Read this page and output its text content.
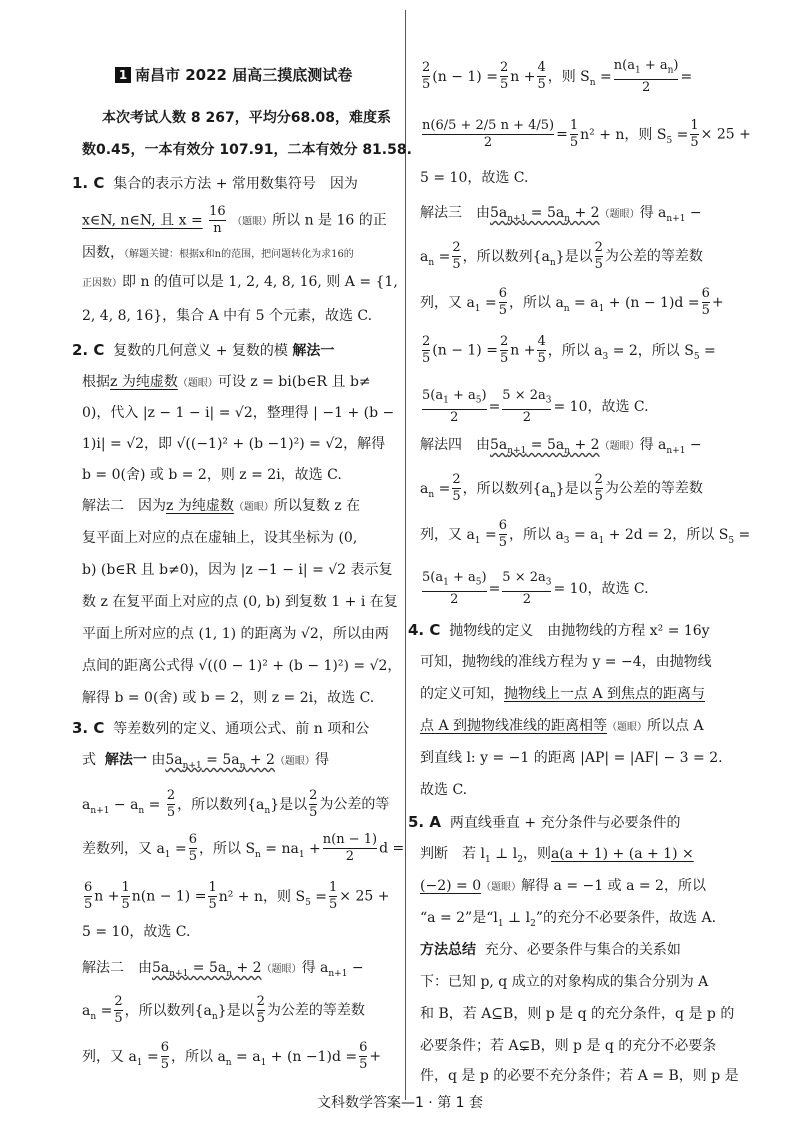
1 南昌市 2022 届高三摸底测试卷
本次考试人数 8 267，平均分68.08，难度系
数0.45，一本有效分 107.91，二本有效分 81.58.
1. C 集合的表示方法 + 常用数集符号　因为
x∈N, n∈N, 且 $x = \frac{16}{n}$ （题眼）所以 n 是 16 的正
因数，（解题关键：根据x和n的范围，把问题转化为求16的
正因数）即 n 的值可以是 1, 2, 4, 8, 16, 则 A = {1,
2, 4, 8, 16}，集合 A 中有 5 个元素，故选 C.
2. C 复数的几何意义 + 复数的模 解法一
根据z 为纯虚数（题眼）可设 z = bi(b∈R 且 b≠
0)，代入 |z − 1 − i| = √2，整理得 | −1 + (b −
1)i| = √2，即 √((−1)² + (b −1)²) = √2，解得
b = 0(舍) 或 b = 2，则 z = 2i，故选 C.
解法二　因为z 为纯虚数（题眼）所以复数 z 在
复平面上对应的点在虚轴上，设其坐标为 (0,
b) (b∈R 且 b≠0)，因为 |z −1 − i| = √2 表示复
数 z 在复平面上对应的点 (0, b) 到复数 1 + i 在复
平面上所对应的点 (1, 1) 的距离为 √2，所以由两
点间的距离公式得 √((0 − 1)² + (b − 1)²) = √2，
解得 b = 0(舍) 或 b = 2，则 z = 2i，故选 C.
3. C 等差数列的定义、通项公式、前 n 项和公
式 解法一 由$5a_{n+1} = 5a_n + 2$（题眼）得
$a_{n+1} - a_n = \frac{2}{5}$ ，所以数列$\{a_n\}$是以 $\frac{2}{5}$ 为公差的等
差数列，又 $a_1 = \frac{6}{5}$ ，所以 $S_n = na_1 + \frac{n(n - 1)}{2}$ d =
$\frac{6}{5}$ $n + \frac{1}{5} n(n - 1) = \frac{1}{5} n^2 + n$，则 $S_5 = \frac{1}{5} \times 25$ +
5 = 10，故选 C.
解法二　由$5a_{n+1} = 5a_n + 2$（题眼）得 $a_{n+1}$ −
$a_n = \frac{2}{5}$ ，所以数列$\{a_n\}$是以 $\frac{2}{5}$ 为公差的等差数
列，又 $a_1 = \frac{6}{5}$ ，所以 $a_n = a_1 + (n -1)d = \frac{6}{5}$ +
$\frac{2}{5} (n - 1) = \frac{2}{5}$ $n + \frac{4}{5}$ ，则 $S_n = \frac{n(a_1 + a_n)}{2}$ =
$\frac{n(6/5 + 2/5 n + 4/5)}{2} = \frac{1}{5} n^2 + n$，则 $S_5 = \frac{1}{5} \times 25$ +
5 = 10，故选 C.
解法三　由$5a_{n+1} = 5a_n + 2$（题眼）得 $a_{n+1}$ −
$a_n = \frac{2}{5}$ ，所以数列$\{a_n\}$是以 $\frac{2}{5}$ 为公差的等差数
列，又 $a_1 = \frac{6}{5}$ ，所以 $a_n = a_1 + (n - 1)d = \frac{6}{5}$ +
$\frac{2}{5} (n - 1) = \frac{2}{5}$ $n + \frac{4}{5}$ ，所以 $a_3 = 2$，所以 $S_5$ =
$\frac{5(a_1 + a_5)}{2} = \frac{5 \times 2a_3}{2} = 10$，故选 C.
解法四　由$5a_{n+1} = 5a_n + 2$（题眼）得 $a_{n+1}$ −
$a_n = \frac{2}{5}$ ，所以数列$\{a_n\}$是以 $\frac{2}{5}$ 为公差的等差数
列，又 $a_1 = \frac{6}{5}$ ，所以 $a_3 = a_1 + 2d = 2$，所以 $S_5$ =
$\frac{5(a_1 + a_5)}{2} = \frac{5 \times 2a_3}{2} = 10$，故选 C.
4. C 抛物线的定义　由抛物线的方程 x² = 16y
可知，抛物线的准线方程为 y = −4，由抛物线
的定义可知，抛物线上一点 A 到焦点的距离与
点 A 到抛物线准线的距离相等（题眼）所以点 A
到直线 l: y = −1 的距离 |AP| = |AF| − 3 = 2.
故选 C.
5. A 两直线垂直 + 充分条件与必要条件的
判断　若 $l_1$ ⊥ $l_2$，则a(a + 1) + (a + 1) ×
(−2) = 0（题眼）解得 a = −1 或 a = 2，所以
“a = 2”是“$l_1$ ⊥ $l_2$”的充分不必要条件，故选 A.
方法总结 充分、必要条件与集合的关系如
下：已知 p, q 成立的对象构成的集合分别为 A
和 B，若 A⊆B，则 p 是 q 的充分条件，q 是 p 的
必要条件；若 A⊊B，则 p 是 q 的充分不必要条
件，q 是 p 的必要不充分条件；若 A = B，则 p 是
文科数学答案—1 · 第 1 套
